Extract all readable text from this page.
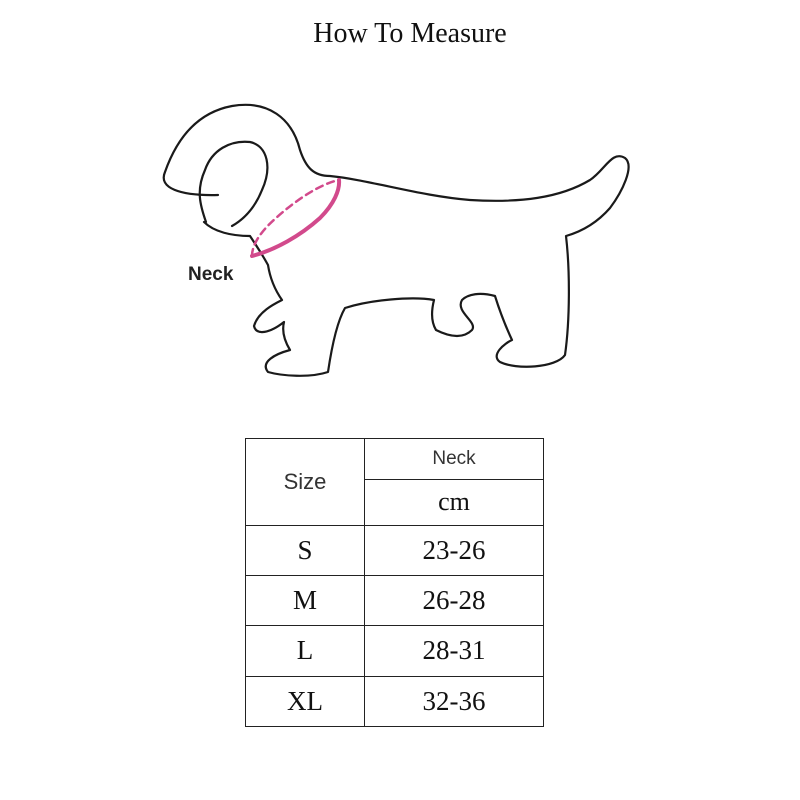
How To Measure
Neck
Size	Neck
	cm
S	23-26
M	26-28
L	28-31
XL	32-36
